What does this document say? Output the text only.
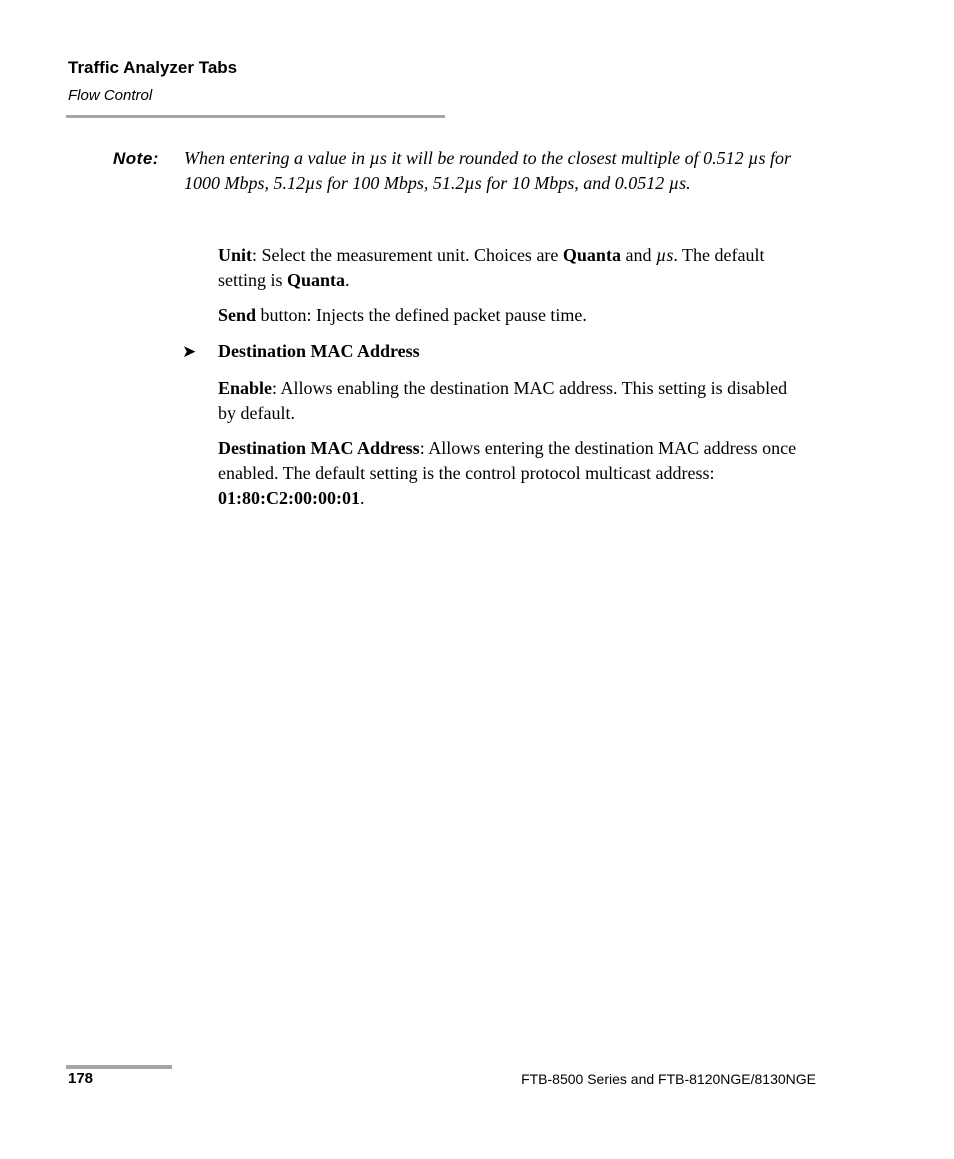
Traffic Analyzer Tabs
Flow Control
Note: When entering a value in µs it will be rounded to the closest multiple of 0.512 µs for 1000 Mbps, 5.12µs for 100 Mbps, 51.2µs for 10 Mbps, and 0.0512 µs.

Unit: Select the measurement unit. Choices are Quanta and µs. The default setting is Quanta.

Send button: Injects the defined packet pause time.

➤ Destination MAC Address

Enable: Allows enabling the destination MAC address. This setting is disabled by default.

Destination MAC Address: Allows entering the destination MAC address once enabled. The default setting is the control protocol multicast address: 01:80:C2:00:00:01.

178	FTB-8500 Series and FTB-8120NGE/8130NGE
